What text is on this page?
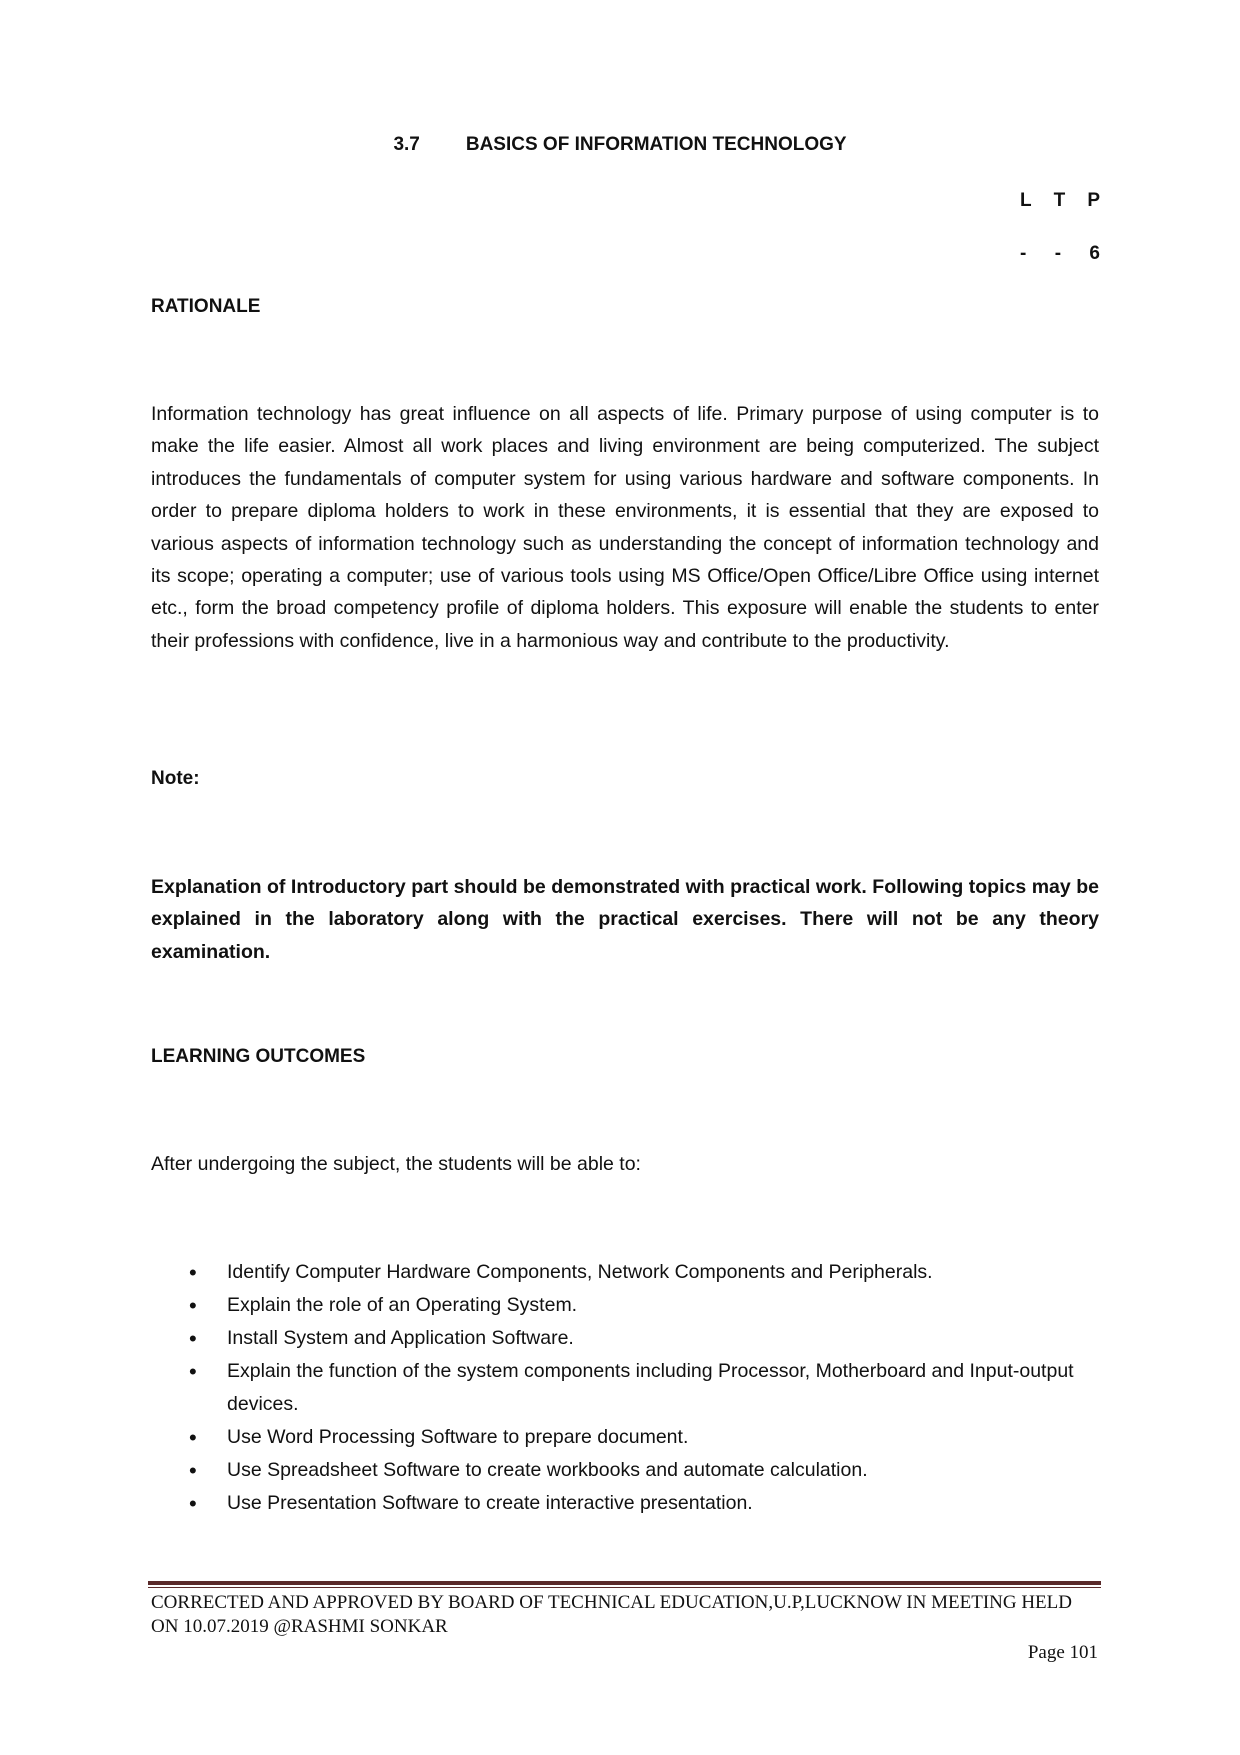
3.7 BASICS OF INFORMATION TECHNOLOGY
L T P
- - 6
RATIONALE
Information technology has great influence on all aspects of life. Primary purpose of using computer is to make the life easier. Almost all work places and living environment are being computerized. The subject introduces the fundamentals of computer system for using various hardware and software components. In order to prepare diploma holders to work in these environments, it is essential that they are exposed to various aspects of information technology such as understanding the concept of information technology and its scope; operating a computer; use of various tools using MS Office/Open Office/Libre Office using internet etc., form the broad competency profile of diploma holders. This exposure will enable the students to enter their professions with confidence, live in a harmonious way and contribute to the productivity.
Note:
Explanation of Introductory part should be demonstrated with practical work. Following topics may be explained in the laboratory along with the practical exercises. There will not be any theory examination.
LEARNING OUTCOMES
After undergoing the subject, the students will be able to:
• Identify Computer Hardware Components, Network Components and Peripherals.
• Explain the role of an Operating System.
• Install System and Application Software.
• Explain the function of the system components including Processor, Motherboard and Input-output devices.
• Use Word Processing Software to prepare document.
• Use Spreadsheet Software to create workbooks and automate calculation.
• Use Presentation Software to create interactive presentation.
CORRECTED AND APPROVED BY BOARD OF TECHNICAL EDUCATION,U.P,LUCKNOW IN MEETING HELD ON 10.07.2019 @RASHMI SONKAR
Page 101
